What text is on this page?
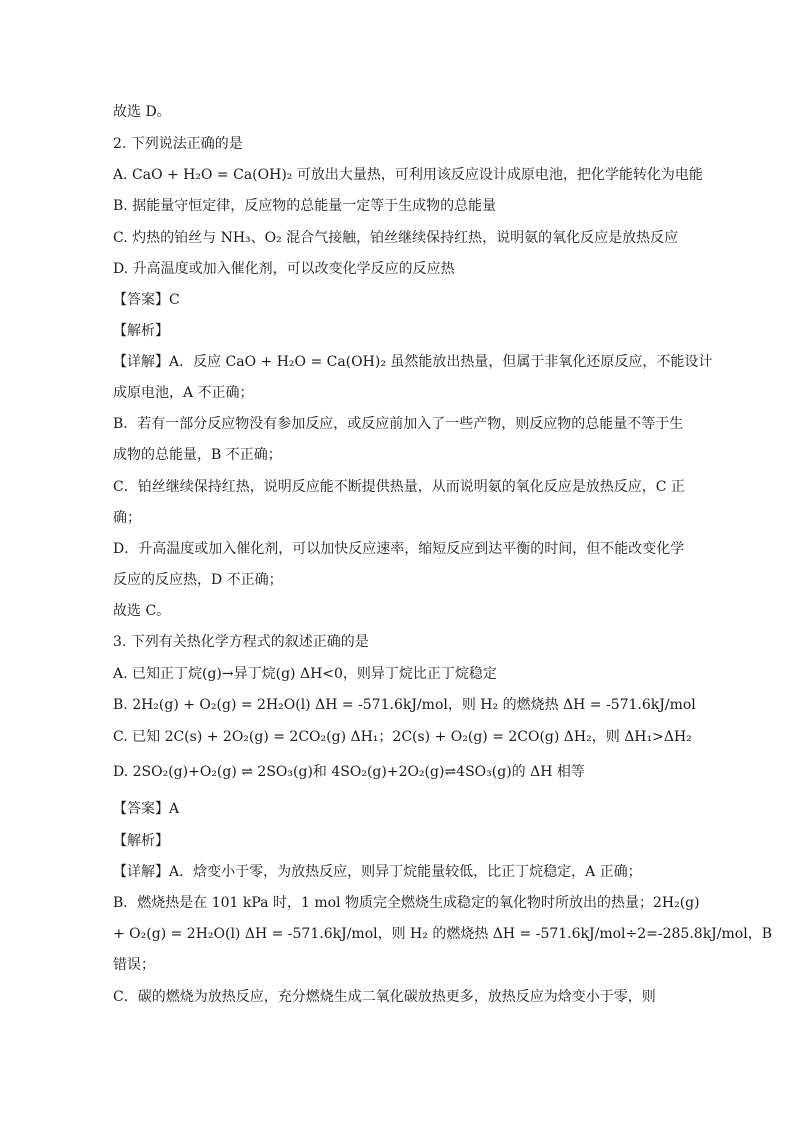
故选 D。
2. 下列说法正确的是
A. CaO + H₂O = Ca(OH)₂ 可放出大量热，可利用该反应设计成原电池，把化学能转化为电能
B. 据能量守恒定律，反应物的总能量一定等于生成物的总能量
C. 灼热的铂丝与 NH₃、O₂ 混合气接触，铂丝继续保持红热，说明氨的氧化反应是放热反应
D. 升高温度或加入催化剂，可以改变化学反应的反应热
【答案】C
【解析】
【详解】A．反应 CaO + H₂O = Ca(OH)₂ 虽然能放出热量，但属于非氧化还原反应，不能设计
成原电池，A 不正确；
B．若有一部分反应物没有参加反应，或反应前加入了一些产物，则反应物的总能量不等于生
成物的总能量，B 不正确；
C．铂丝继续保持红热，说明反应能不断提供热量，从而说明氨的氧化反应是放热反应，C 正
确；
D．升高温度或加入催化剂，可以加快反应速率，缩短反应到达平衡的时间，但不能改变化学
反应的反应热，D 不正确；
故选 C。
3. 下列有关热化学方程式的叙述正确的是
A. 已知正丁烷(g)→异丁烷(g) ΔH<0，则异丁烷比正丁烷稳定
B. 2H₂(g) + O₂(g) = 2H₂O(l) ΔH = -571.6kJ/mol，则 H₂ 的燃烧热 ΔH = -571.6kJ/mol
C. 已知 2C(s) + 2O₂(g) = 2CO₂(g) ΔH₁；2C(s) + O₂(g) = 2CO(g) ΔH₂，则 ΔH₁>ΔH₂
D. 2SO₂(g)+O₂(g) ⇌ 2SO₃(g)和 4SO₂(g)+2O₂(g)⇌4SO₃(g)的 ΔH 相等
【答案】A
【解析】
【详解】A．焓变小于零，为放热反应，则异丁烷能量较低，比正丁烷稳定，A 正确；
B．燃烧热是在 101 kPa 时，1 mol 物质完全燃烧生成稳定的氧化物时所放出的热量；2H₂(g)
+ O₂(g) = 2H₂O(l) ΔH = -571.6kJ/mol，则 H₂ 的燃烧热 ΔH = -571.6kJ/mol÷2=-285.8kJ/mol，B
错误；
C．碳的燃烧为放热反应，充分燃烧生成二氧化碳放热更多，放热反应为焓变小于零，则
